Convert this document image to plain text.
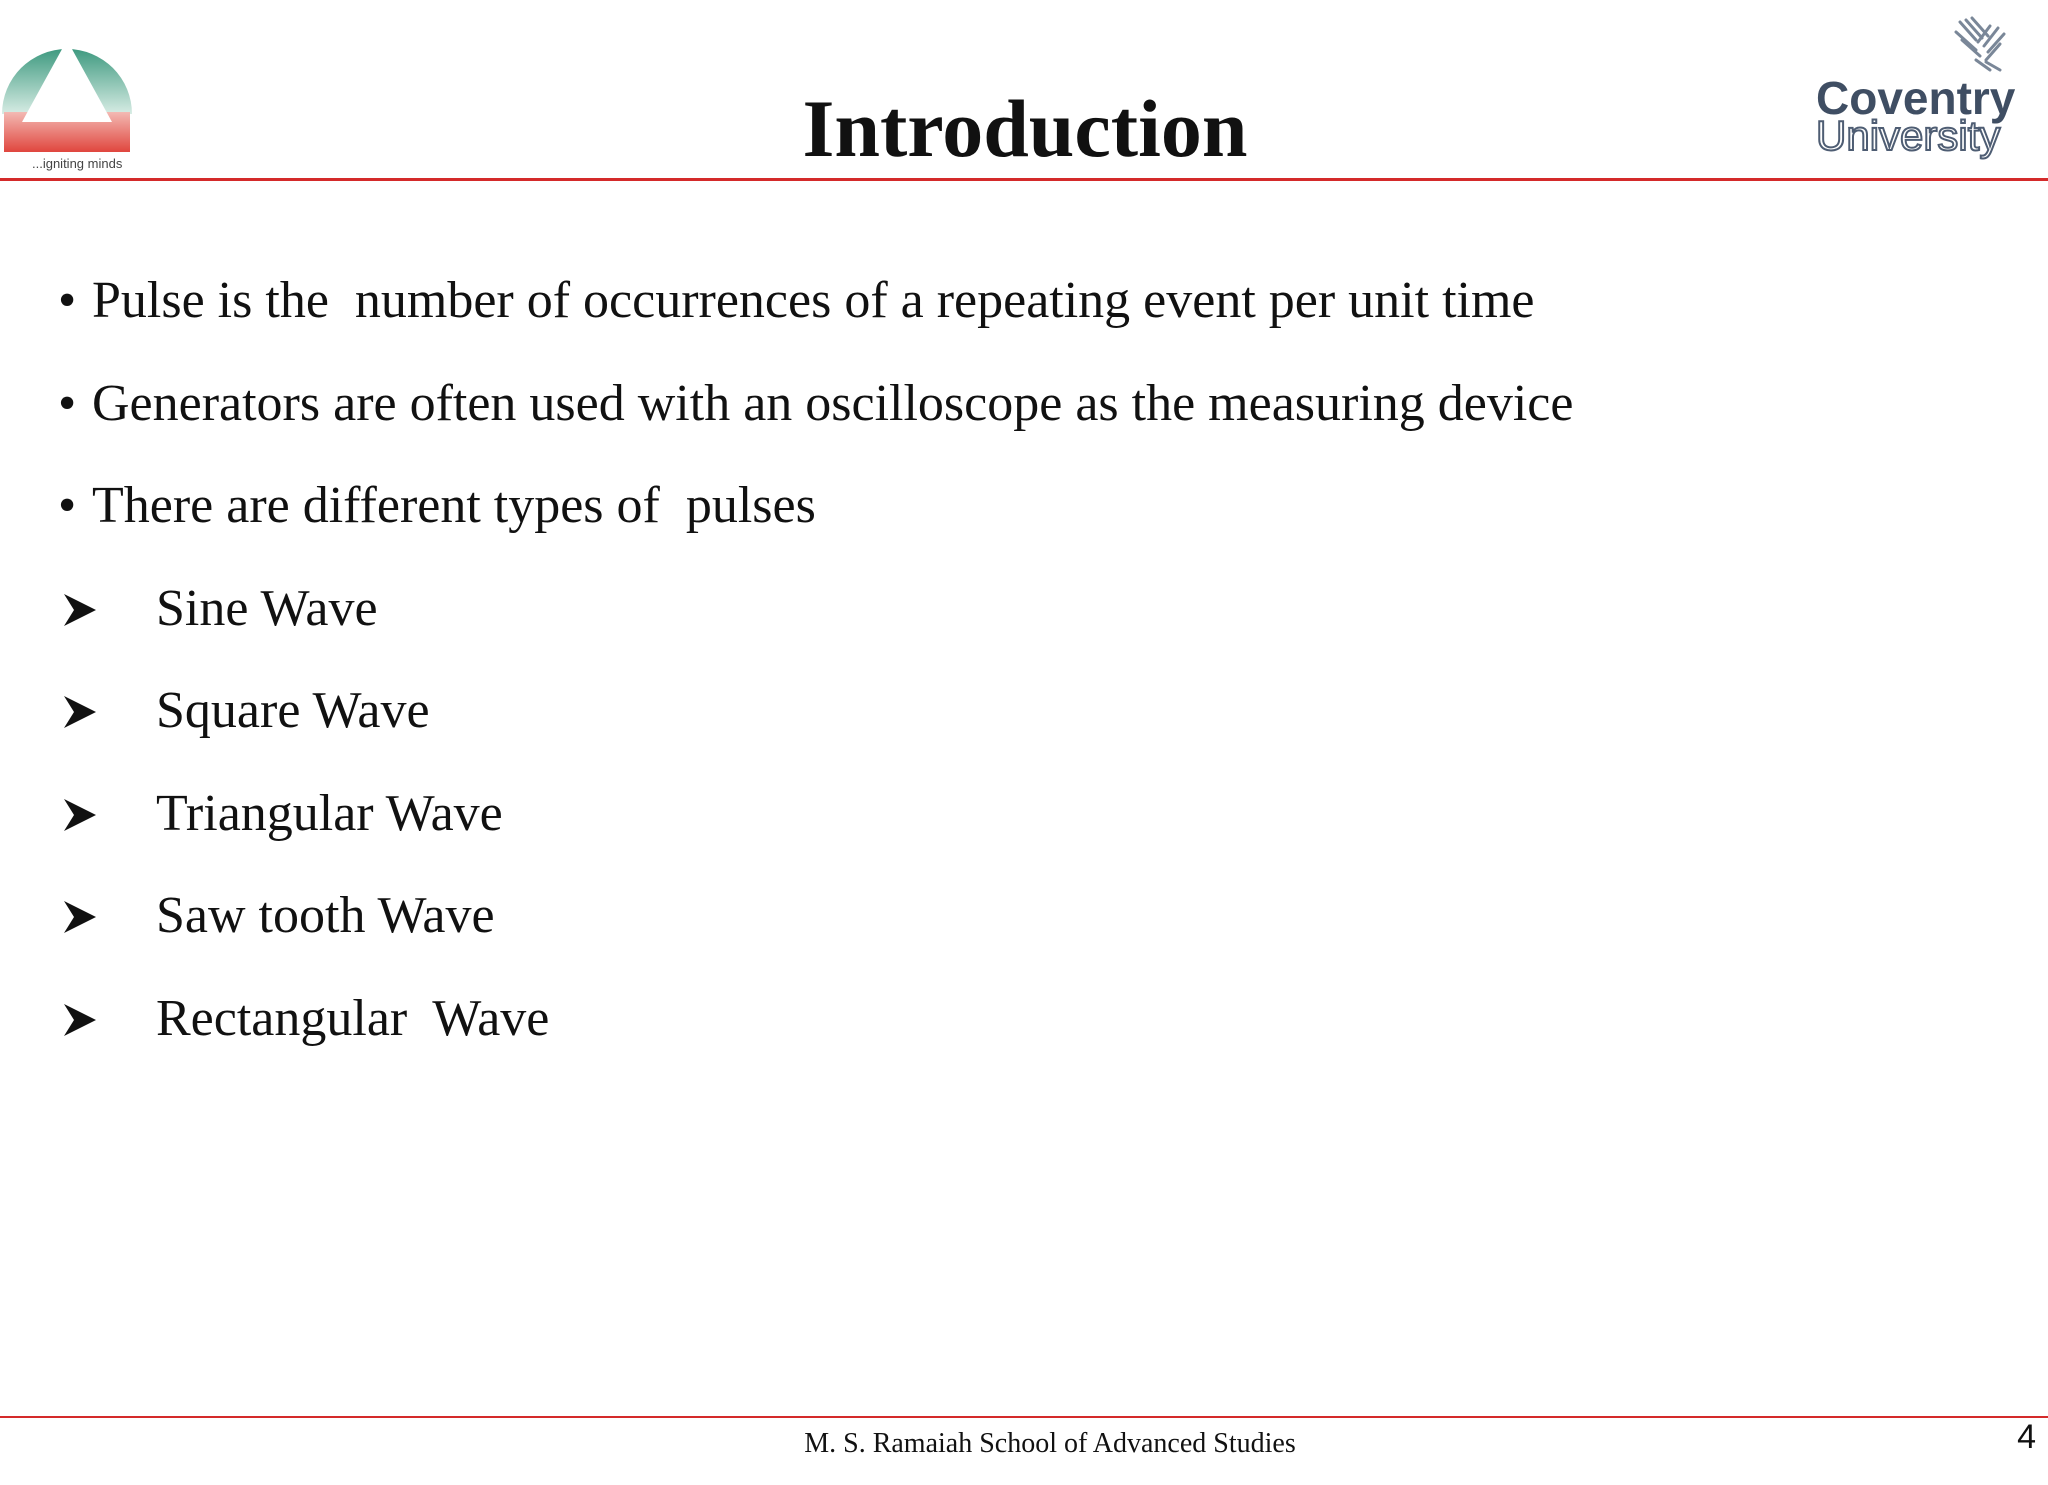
...igniting minds
Coventry
University
Introduction
• Pulse is the  number of occurrences of a repeating event per unit time
• Generators are often used with an oscilloscope as the measuring device
• There are different types of  pulses

Sine Wave

Square Wave

Triangular Wave

Saw tooth Wave

Rectangular  Wave
M. S. Ramaiah School of Advanced Studies	4
